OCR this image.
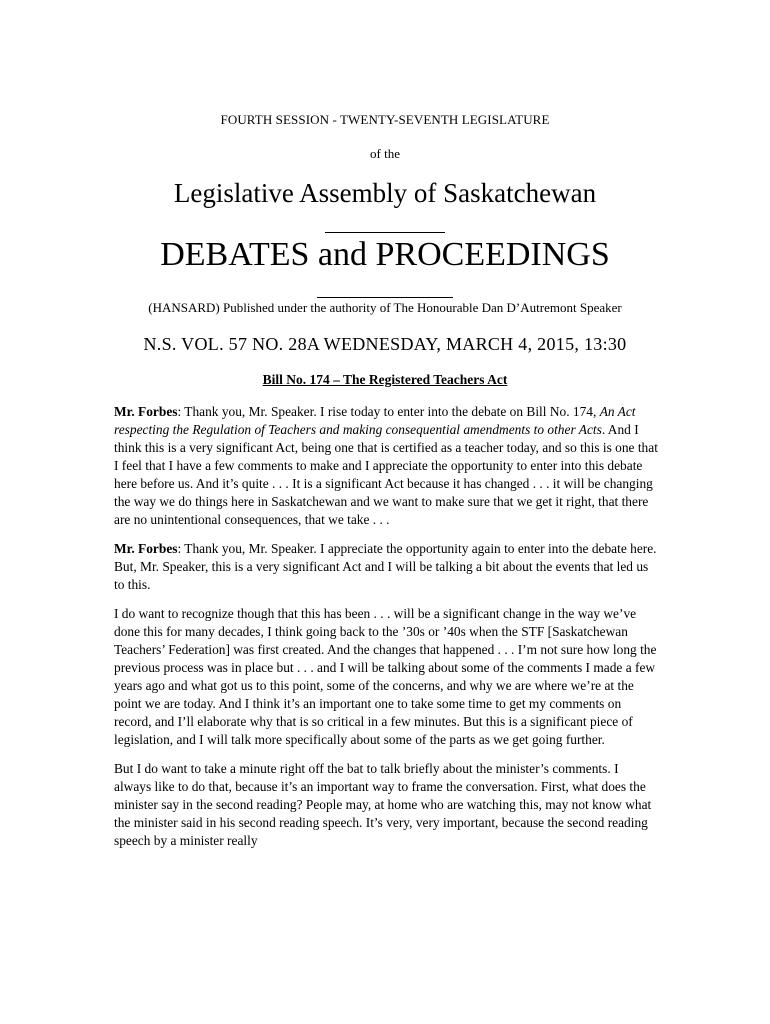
FOURTH SESSION - TWENTY-SEVENTH LEGISLATURE
of the
Legislative Assembly of Saskatchewan
DEBATES and PROCEEDINGS
(HANSARD) Published under the authority of The Honourable Dan D’Autremont Speaker
N.S. VOL. 57 NO. 28A WEDNESDAY, MARCH 4, 2015, 13:30
Bill No. 174 – The Registered Teachers Act

Mr. Forbes: Thank you, Mr. Speaker. I rise today to enter into the debate on Bill No. 174, An Act respecting the Regulation of Teachers and making consequential amendments to other Acts. And I think this is a very significant Act, being one that is certified as a teacher today, and so this is one that I feel that I have a few comments to make and I appreciate the opportunity to enter into this debate here before us. And it’s quite . . . It is a significant Act because it has changed . . . it will be changing the way we do things here in Saskatchewan and we want to make sure that we get it right, that there are no unintentional consequences, that we take . . .

Mr. Forbes: Thank you, Mr. Speaker. I appreciate the opportunity again to enter into the debate here. But, Mr. Speaker, this is a very significant Act and I will be talking a bit about the events that led us to this.

I do want to recognize though that this has been . . . will be a significant change in the way we’ve done this for many decades, I think going back to the ’30s or ’40s when the STF [Saskatchewan Teachers’ Federation] was first created. And the changes that happened . . . I’m not sure how long the previous process was in place but . . . and I will be talking about some of the comments I made a few years ago and what got us to this point, some of the concerns, and why we are where we’re at the point we are today. And I think it’s an important one to take some time to get my comments on record, and I’ll elaborate why that is so critical in a few minutes. But this is a significant piece of legislation, and I will talk more specifically about some of the parts as we get going further.

But I do want to take a minute right off the bat to talk briefly about the minister’s comments. I always like to do that, because it’s an important way to frame the conversation. First, what does the minister say in the second reading? People may, at home who are watching this, may not know what the minister said in his second reading speech. It’s very, very important, because the second reading speech by a minister really
